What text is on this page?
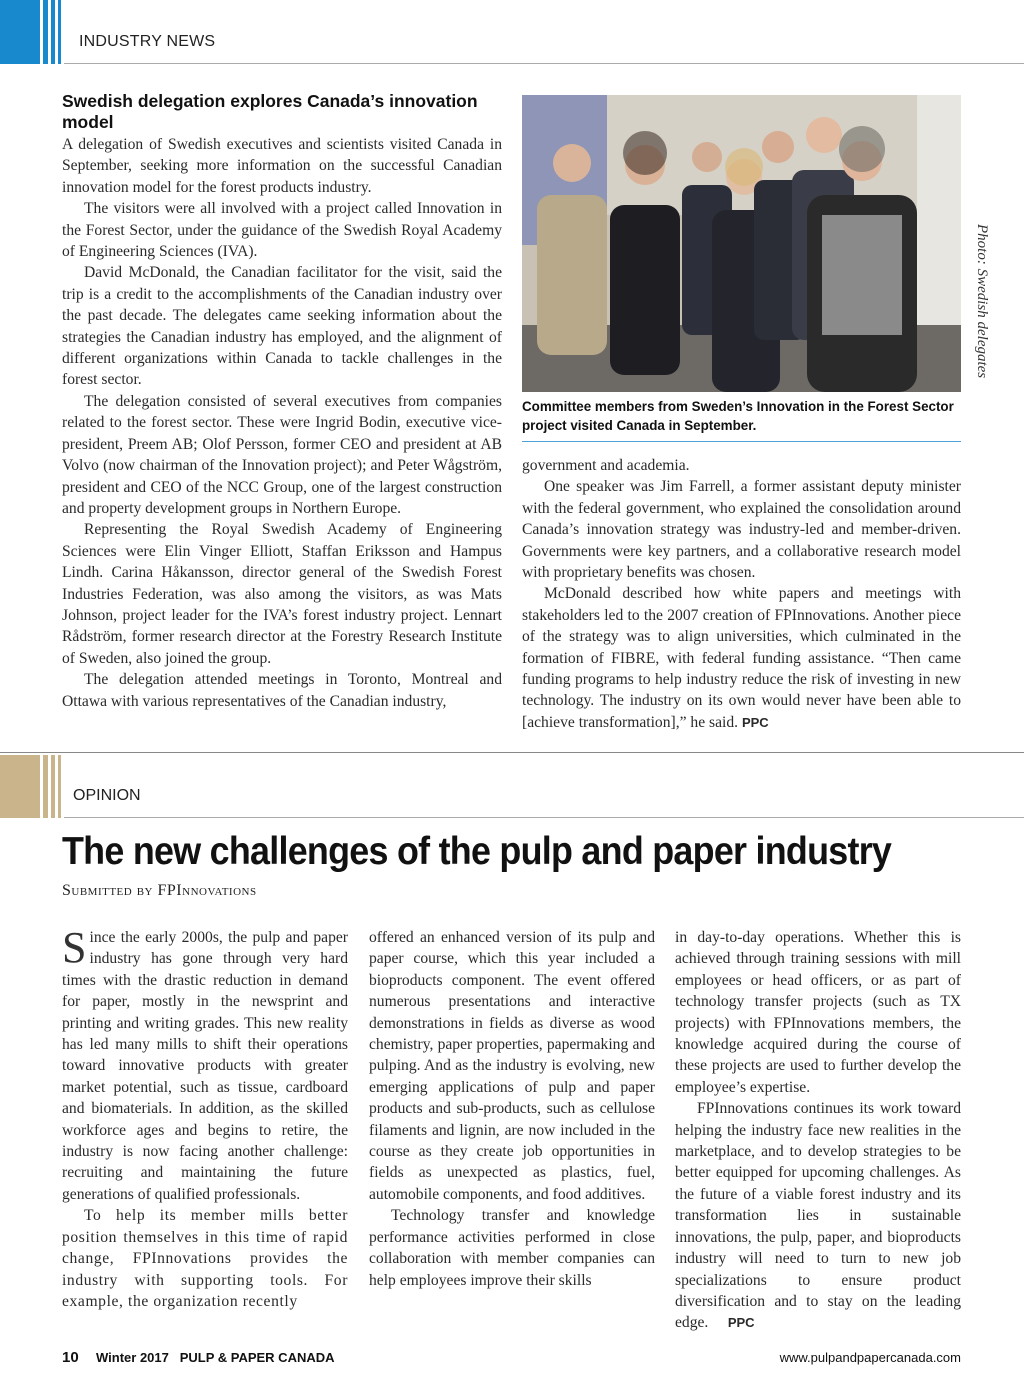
INDUSTRY NEWS
Swedish delegation explores Canada’s innovation model

A delegation of Swedish executives and scientists visited Canada in September, seeking more information on the successful Canadian innovation model for the forest products industry.

The visitors were all involved with a project called Innovation in the Forest Sector, under the guidance of the Swedish Royal Academy of Engineering Sciences (IVA).

David McDonald, the Canadian facilitator for the visit, said the trip is a credit to the accomplishments of the Canadian industry over the past decade. The delegates came seeking information about the strategies the Canadian industry has employed, and the alignment of different organizations within Canada to tackle challenges in the forest sector.

The delegation consisted of several executives from companies related to the forest sector. These were Ingrid Bodin, executive vice-president, Preem AB; Olof Persson, former CEO and president at AB Volvo (now chairman of the Innovation project); and Peter Wågström, president and CEO of the NCC Group, one of the largest construction and property development groups in Northern Europe.

Representing the Royal Swedish Academy of Engineering Sciences were Elin Vinger Elliott, Staffan Eriksson and Hampus Lindh. Carina Håkansson, director general of the Swedish Forest Industries Federation, was also among the visitors, as was Mats Johnson, project leader for the IVA’s forest industry project. Lennart Rådström, former research director at the Forestry Research Institute of Sweden, also joined the group.

The delegation attended meetings in Toronto, Montreal and Ottawa with various representatives of the Canadian industry,

Photo: Swedish delegates
Committee members from Sweden’s Innovation in the Forest Sector project visited Canada in September.

government and academia.

One speaker was Jim Farrell, a former assistant deputy minister with the federal government, who explained the consolidation around Canada’s innovation strategy was industry-led and member-driven. Governments were key partners, and a collaborative research model with proprietary benefits was chosen.

McDonald described how white papers and meetings with stakeholders led to the 2007 creation of FPInnovations. Another piece of the strategy was to align universities, which culminated in the formation of FIBRE, with federal funding assistance. “Then came funding programs to help industry reduce the risk of investing in new technology. The industry on its own would never have been able to [achieve transformation],” he said. PPC

OPINION
The new challenges of the pulp and paper industry
Submitted by FPInnovations

Since the early 2000s, the pulp and paper industry has gone through very hard times with the drastic reduction in demand for paper, mostly in the newsprint and printing and writing grades. This new reality has led many mills to shift their operations toward innovative products with greater market potential, such as tissue, cardboard and biomaterials. In addition, as the skilled workforce ages and begins to retire, the industry is now facing another challenge: recruiting and maintaining the future generations of qualified professionals.

To help its member mills better position themselves in this time of rapid change, FPInnovations provides the industry with supporting tools. For example, the organization recently

offered an enhanced version of its pulp and paper course, which this year included a bioproducts component. The event offered numerous presentations and interactive demonstrations in fields as diverse as wood chemistry, paper properties, papermaking and pulping. And as the industry is evolving, new emerging applications of pulp and paper products and sub-products, such as cellulose filaments and lignin, are now included in the course as they create job opportunities in fields as unexpected as plastics, fuel, automobile components, and food additives.

Technology transfer and knowledge performance activities performed in close collaboration with member companies can help employees improve their skills

in day-to-day operations. Whether this is achieved through training sessions with mill employees or head officers, or as part of technology transfer projects (such as TX projects) with FPInnovations members, the knowledge acquired during the course of these projects are used to further develop the employee’s expertise.

FPInnovations continues its work toward helping the industry face new realities in the marketplace, and to develop strategies to be better equipped for upcoming challenges. As the future of a viable forest industry and its transformation lies in sustainable innovations, the pulp, paper, and bioproducts industry will need to turn to new job specializations to ensure product diversification and to stay on the leading edge. PPC

10 Winter 2017   PULP & PAPER CANADA	www.pulpandpapercanada.com
